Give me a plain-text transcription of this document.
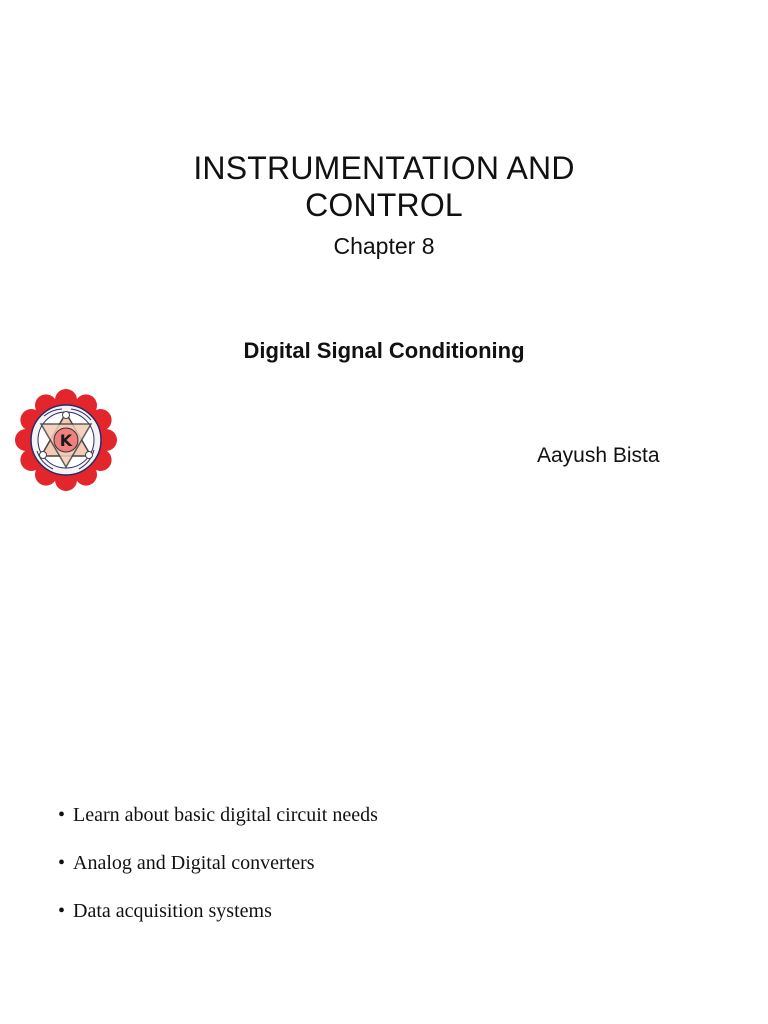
INSTRUMENTATION AND
CONTROL
Chapter 8
Digital Signal Conditioning
K
Aayush Bista
• Learn about basic digital circuit needs
• Analog and Digital converters
• Data acquisition systems
